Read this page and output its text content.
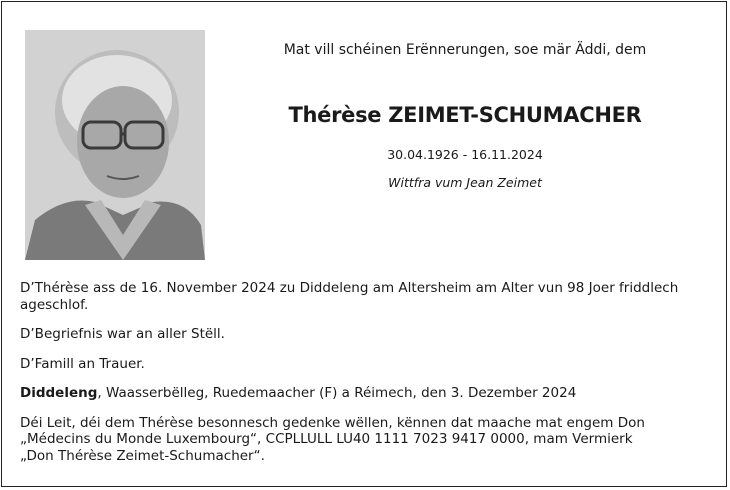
Mat vill schéinen Erënnerungen, soe mär Äddi, dem
Thérèse ZEIMET-SCHUMACHER
30.04.1926 - 16.11.2024
Wittfra vum Jean Zeimet

D’Thérèse ass de 16. November 2024 zu Diddeleng am Altersheim am Alter vun 98 Joer friddlech ageschlof.

D’Begriefnis war an aller Stëll.

D’Famill an Trauer.

Diddeleng, Waasserbëlleg, Ruedemaacher (F) a Réimech, den 3. Dezember 2024

Déi Leit, déi dem Thérèse besonnesch gedenke wëllen, kënnen dat maache mat engem Don
„Médecins du Monde Luxembourg“, CCPLLULL LU40 1111 7023 9417 0000, mam Vermierk
„Don Thérèse Zeimet-Schumacher“.
